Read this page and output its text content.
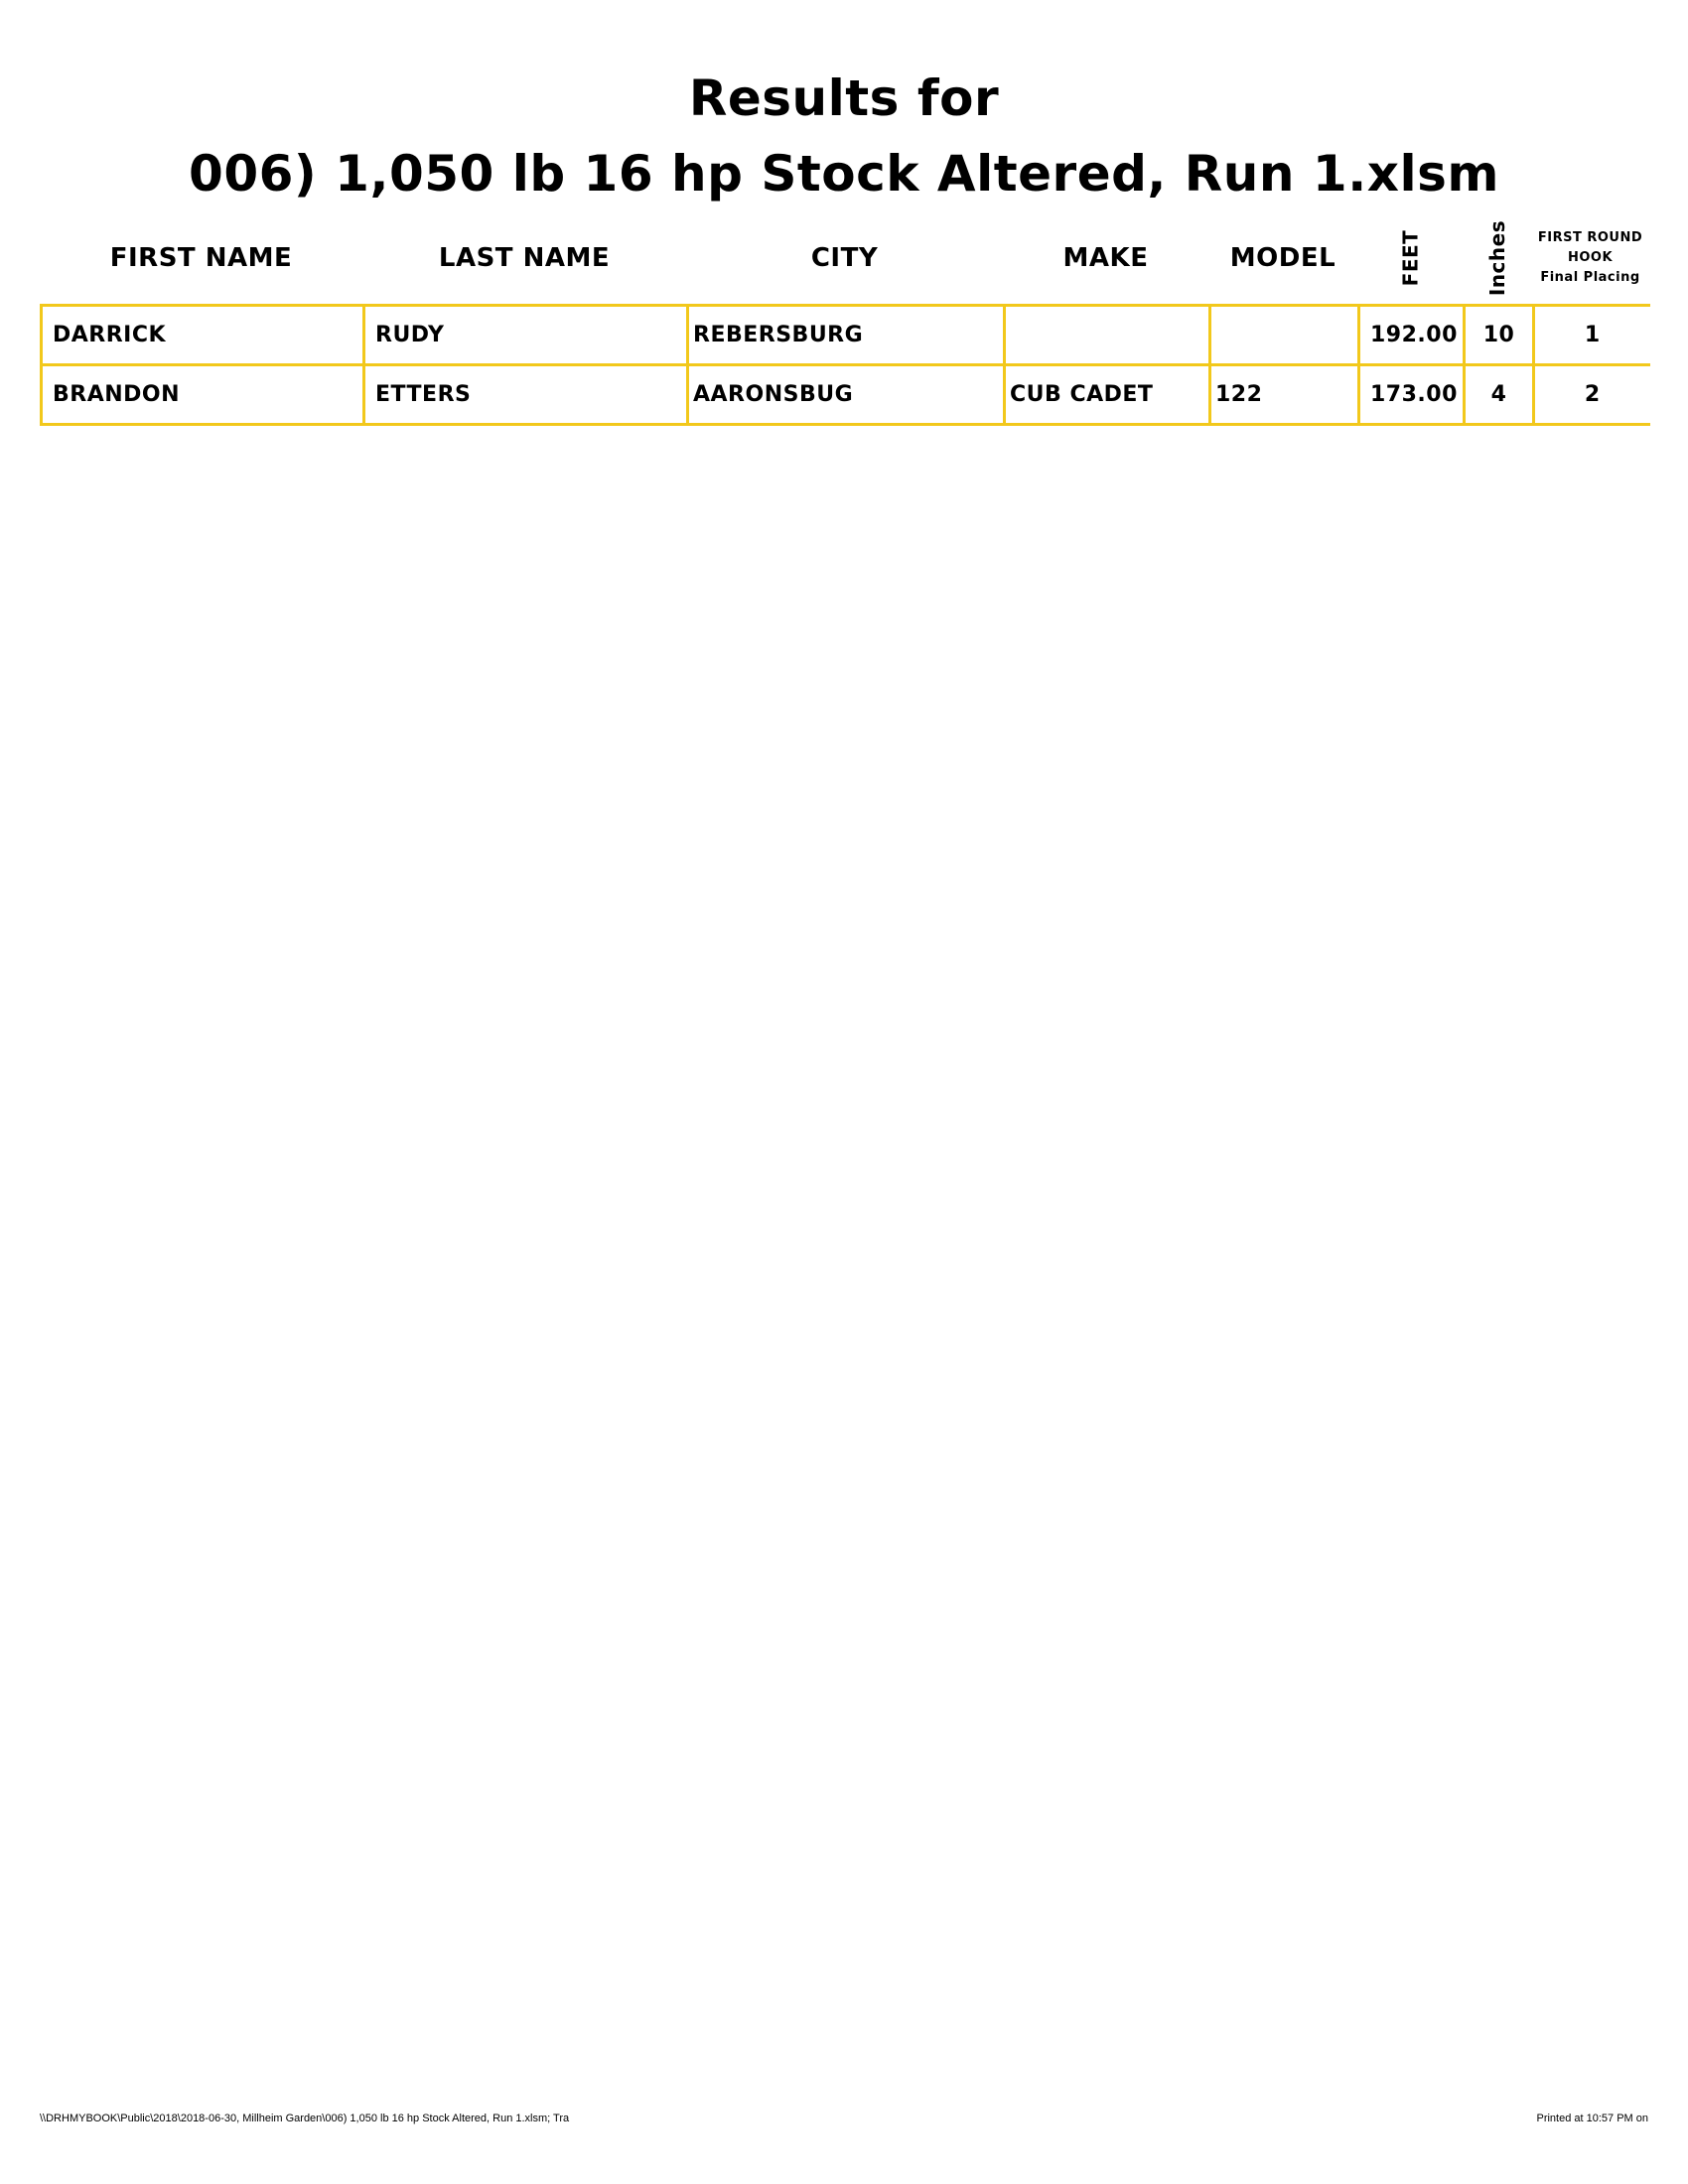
Results for
006) 1,050 lb 16 hp Stock Altered, Run 1.xlsm
FIRST NAME	LAST NAME	CITY	MAKE	MODEL	FEET	Inches FIRST ROUND
HOOK
Final Placing
DARRICK	RUDY	REBERSBURG			192.00	10	1
BRANDON	ETTERS	AARONSBUG	CUB CADET	122	173.00	4	2
\\DRHMYBOOK\Public\2018\2018-06-30, Millheim Garden\006) 1,050 lb 16 hp Stock Altered, Run 1.xlsm; Tra	Printed at 10:57 PM on
